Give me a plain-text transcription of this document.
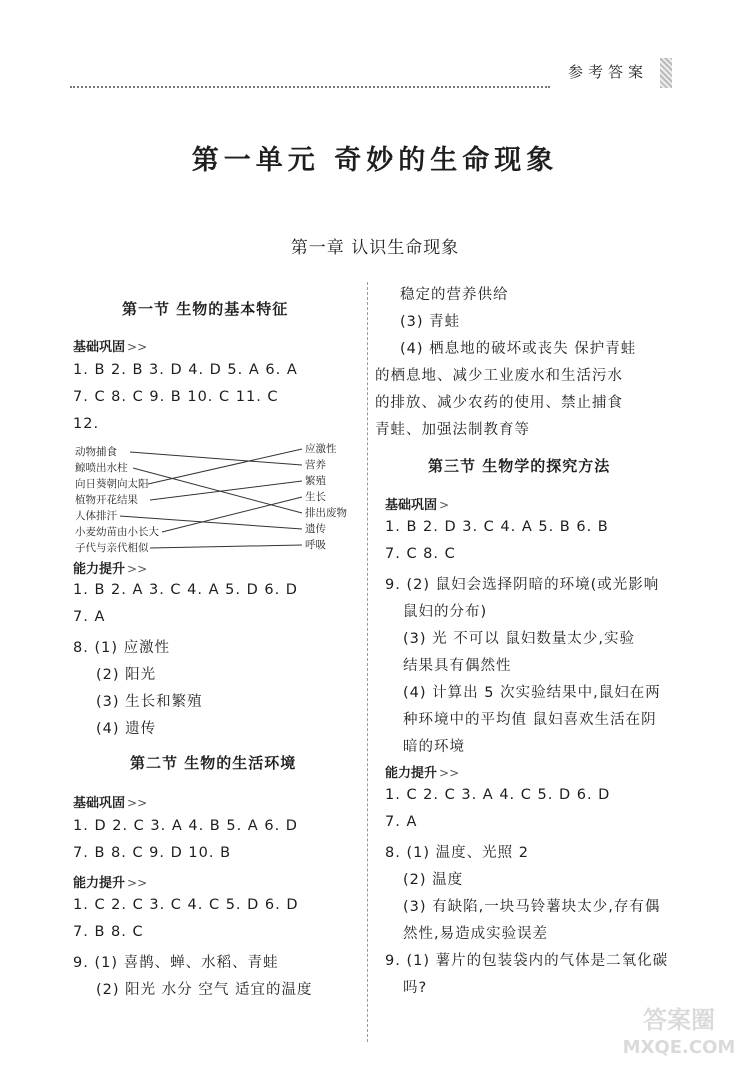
参考答案
第一单元 奇妙的生命现象
第一章 认识生命现象
第一节 生物的基本特征
基础巩固 >>
1. B 2. B 3. D 4. D 5. A 6. A
7. C 8. C 9. B 10. C 11. C
12.
动物捕食
鲸喷出水柱
向日葵朝向太阳
植物开花结果
人体排汗
小麦幼苗由小长大
子代与亲代相似
应激性
营养
繁殖
生长
排出废物
遗传
呼吸
能力提升 >>
1. B 2. A 3. C 4. A 5. D 6. D
7. A
8. (1) 应激性
(2) 阳光
(3) 生长和繁殖
(4) 遗传
第二节 生物的生活环境
基础巩固 >>
1. D 2. C 3. A 4. B 5. A 6. D
7. B 8. C 9. D 10. B
能力提升 >>
1. C 2. C 3. C 4. C 5. D 6. D
7. B 8. C
9. (1) 喜鹊、蝉、水稻、青蛙
(2) 阳光 水分 空气 适宜的温度
稳定的营养供给
(3) 青蛙
(4) 栖息地的破坏或丧失 保护青蛙
的栖息地、减少工业废水和生活污水
的排放、减少农药的使用、禁止捕食
青蛙、加强法制教育等
第三节 生物学的探究方法
基础巩固 >
1. B 2. D 3. C 4. A 5. B 6. B
7. C 8. C
9. (2) 鼠妇会选择阴暗的环境(或光影响
鼠妇的分布)
(3) 光 不可以 鼠妇数量太少,实验
结果具有偶然性
(4) 计算出 5 次实验结果中,鼠妇在两
种环境中的平均值 鼠妇喜欢生活在阴
暗的环境
能力提升 >>
1. C 2. C 3. A 4. C 5. D 6. D
7. A
8. (1) 温度、光照 2
(2) 温度
(3) 有缺陷,一块马铃薯块太少,存有偶
然性,易造成实验误差
9. (1) 薯片的包装袋内的气体是二氧化碳
吗?
答案圈
MXQE.COM
